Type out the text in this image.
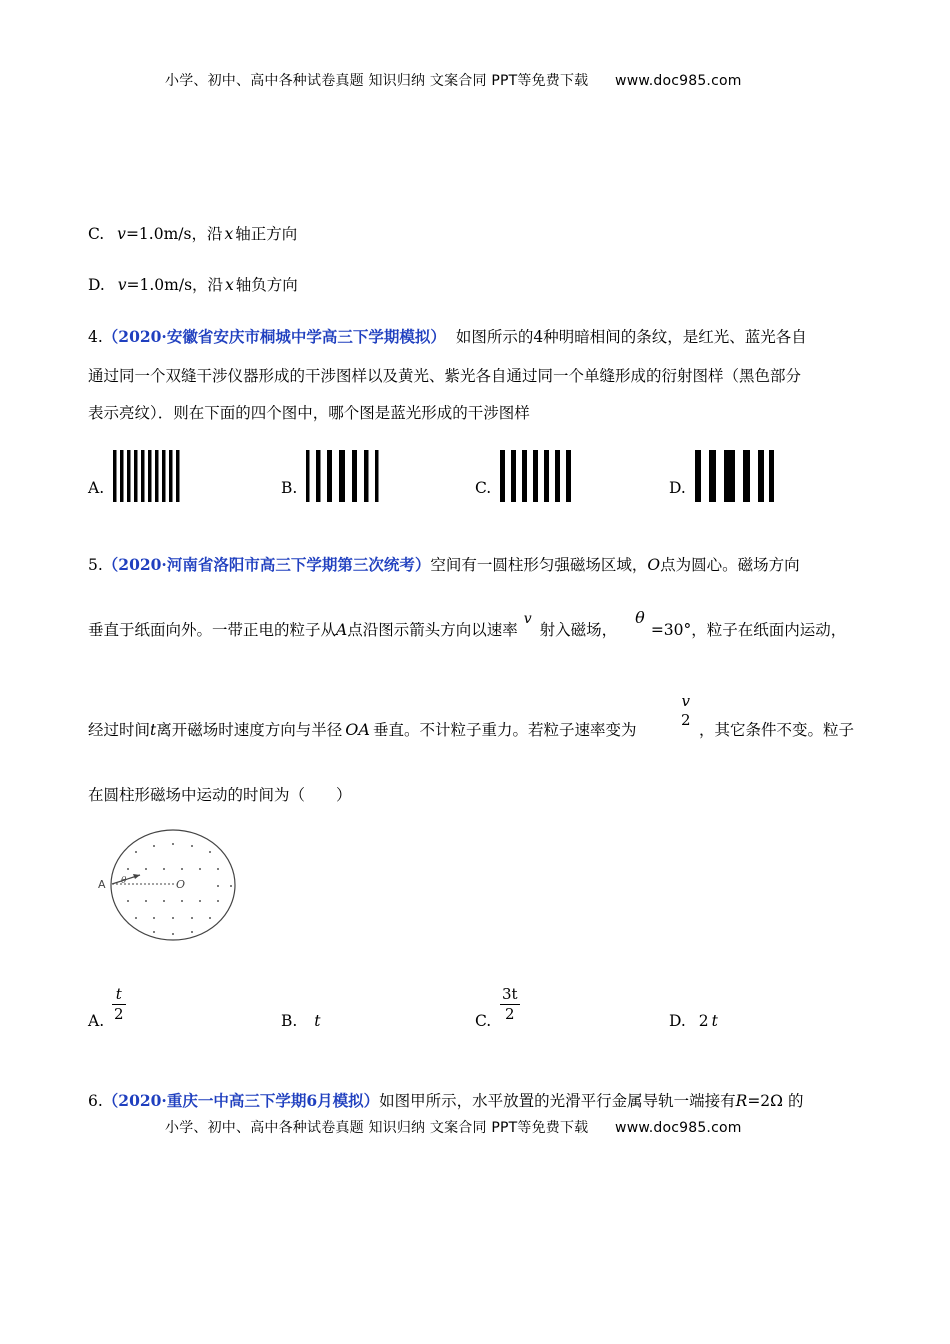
小学、初中、高中各种试卷真题 知识归纳 文案合同 PPT等免费下载 www.doc985.com
C. v=1.0m/s，沿 x 轴正方向
D. v=1.0m/s，沿 x 轴负方向
4.（2020·安徽省安庆市桐城中学高三下学期模拟） 如图所示的4种明暗相间的条纹，是红光、蓝光各自
通过同一个双缝干涉仪器形成的干涉图样以及黄光、紫光各自通过同一个单缝形成的衍射图样（黑色部分
表示亮纹）．则在下面的四个图中，哪个图是蓝光形成的干涉图样
A.	B.	C.	D.
5.（2020·河南省洛阳市高三下学期第三次统考）空间有一圆柱形匀强磁场区域，O点为圆心。磁场方向
垂直于纸面向外。一带正电的粒子从A点沿图示箭头方向以速率v射入磁场，θ=30°，粒子在纸面内运动，
经过时间t离开磁场时速度方向与半径 OA 垂直。不计粒子重力。若粒子速率变为
v
2
，其它条件不变。粒子
在圆柱形磁场中运动的时间为（　　）
θ
A	O
A. $\frac{t}{2}$	B. t	C. $\frac{3t}{2}$	D. 2 t
6.（2020·重庆一中高三下学期6月模拟）如图甲所示，水平放置的光滑平行金属导轨一端接有R=2Ω 的
小学、初中、高中各种试卷真题 知识归纳 文案合同 PPT等免费下载 www.doc985.com
